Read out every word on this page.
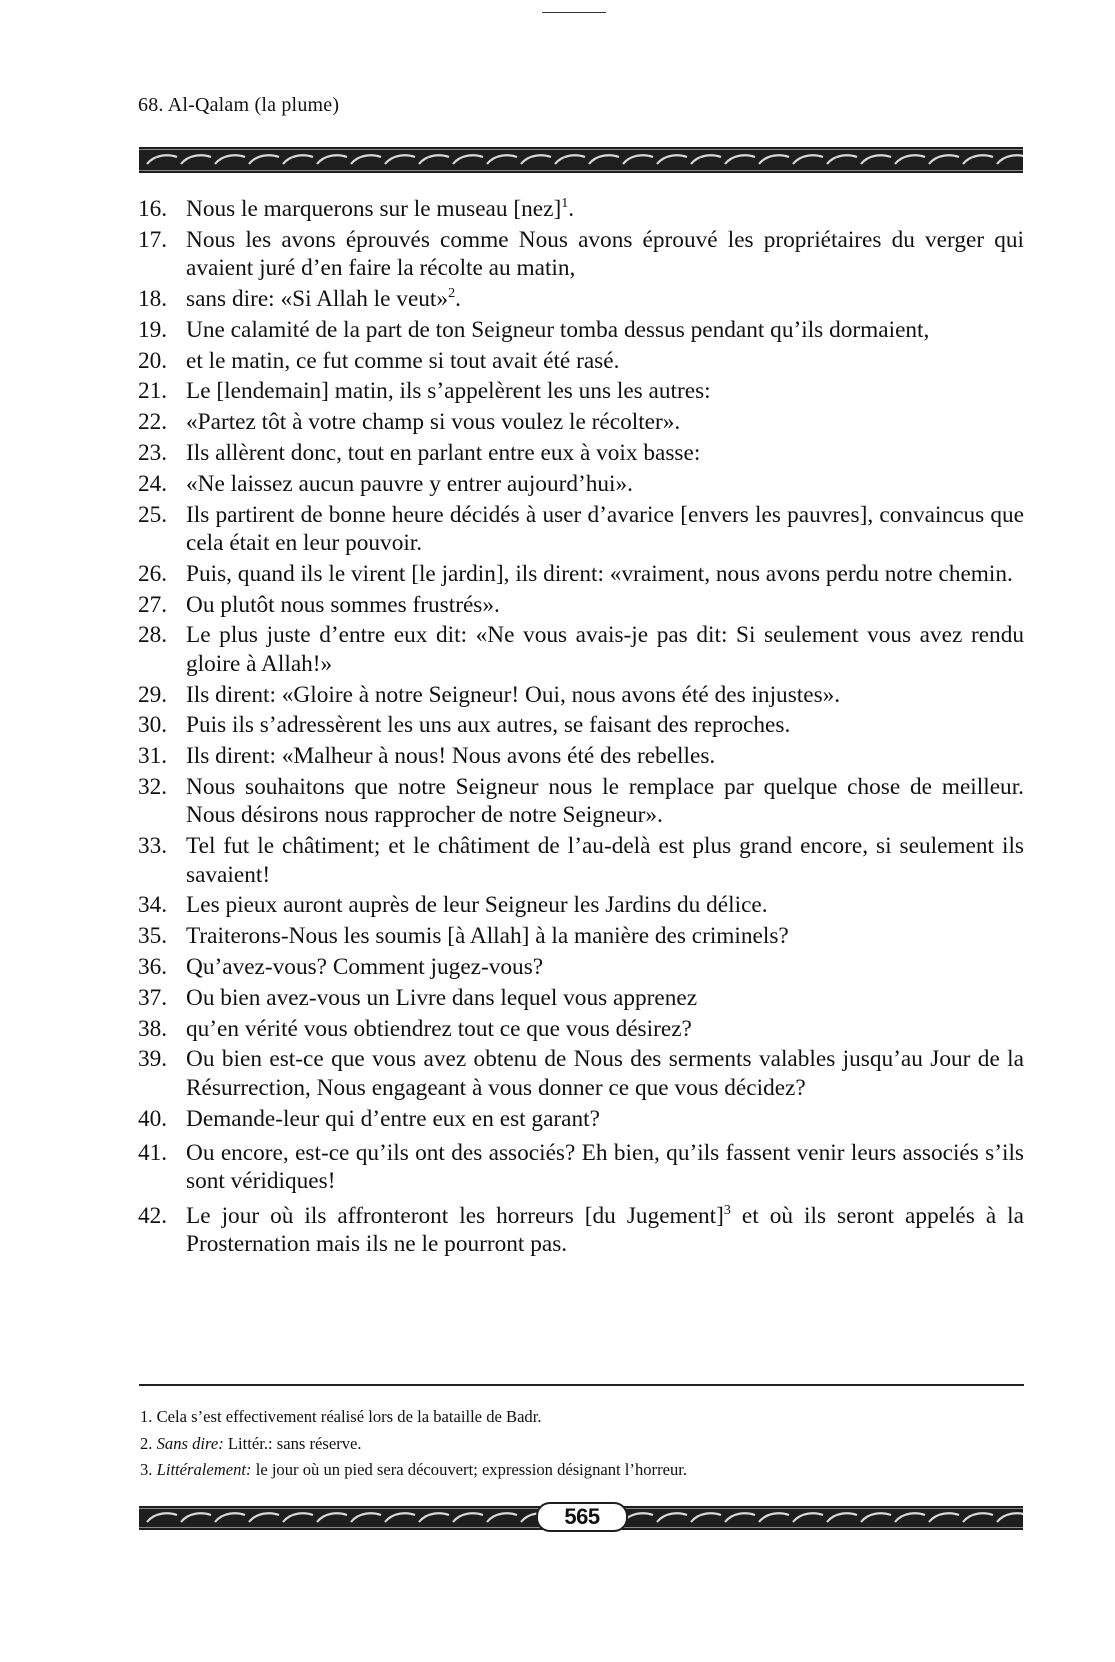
68. Al-Qalam (la plume)
16. Nous le marquerons sur le museau [nez]$^1$.
17. Nous les avons éprouvés comme Nous avons éprouvé les propriétaires du verger qui avaient juré d’en faire la récolte au matin,
18. sans dire: «Si Allah le veut»$^2$.
19. Une calamité de la part de ton Seigneur tomba dessus pendant qu’ils dormaient,
20. et le matin, ce fut comme si tout avait été rasé.
21. Le [lendemain] matin, ils s’appelèrent les uns les autres:
22. «Partez tôt à votre champ si vous voulez le récolter».
23. Ils allèrent donc, tout en parlant entre eux à voix basse:
24. «Ne laissez aucun pauvre y entrer aujourd’hui».
25. Ils partirent de bonne heure décidés à user d’avarice [envers les pauvres], convaincus que cela était en leur pouvoir.
26. Puis, quand ils le virent [le jardin], ils dirent: «vraiment, nous avons perdu notre chemin.
27. Ou plutôt nous sommes frustrés».
28. Le plus juste d’entre eux dit: «Ne vous avais-je pas dit: Si seulement vous avez rendu gloire à Allah!»
29. Ils dirent: «Gloire à notre Seigneur! Oui, nous avons été des injustes».
30. Puis ils s’adressèrent les uns aux autres, se faisant des reproches.
31. Ils dirent: «Malheur à nous! Nous avons été des rebelles.
32. Nous souhaitons que notre Seigneur nous le remplace par quelque chose de meilleur. Nous désirons nous rapprocher de notre Seigneur».
33. Tel fut le châtiment; et le châtiment de l’au-delà est plus grand encore, si seulement ils savaient!
34. Les pieux auront auprès de leur Seigneur les Jardins du délice.
35. Traiterons-Nous les soumis [à Allah] à la manière des criminels?
36. Qu’avez-vous? Comment jugez-vous?
37. Ou bien avez-vous un Livre dans lequel vous apprenez
38. qu’en vérité vous obtiendrez tout ce que vous désirez?
39. Ou bien est-ce que vous avez obtenu de Nous des serments valables jusqu’au Jour de la Résurrection, Nous engageant à vous donner ce que vous décidez?
40. Demande-leur qui d’entre eux en est garant?
41. Ou encore, est-ce qu’ils ont des associés? Eh bien, qu’ils fassent venir leurs associés s’ils sont véridiques!
42. Le jour où ils affronteront les horreurs [du Jugement]$^3$ et où ils seront appelés à la Prosternation mais ils ne le pourront pas.
1. Cela s’est effectivement réalisé lors de la bataille de Badr.
2. Sans dire: Littér.: sans réserve.
3. Littéralement: le jour où un pied sera découvert; expression désignant l’horreur.
565
